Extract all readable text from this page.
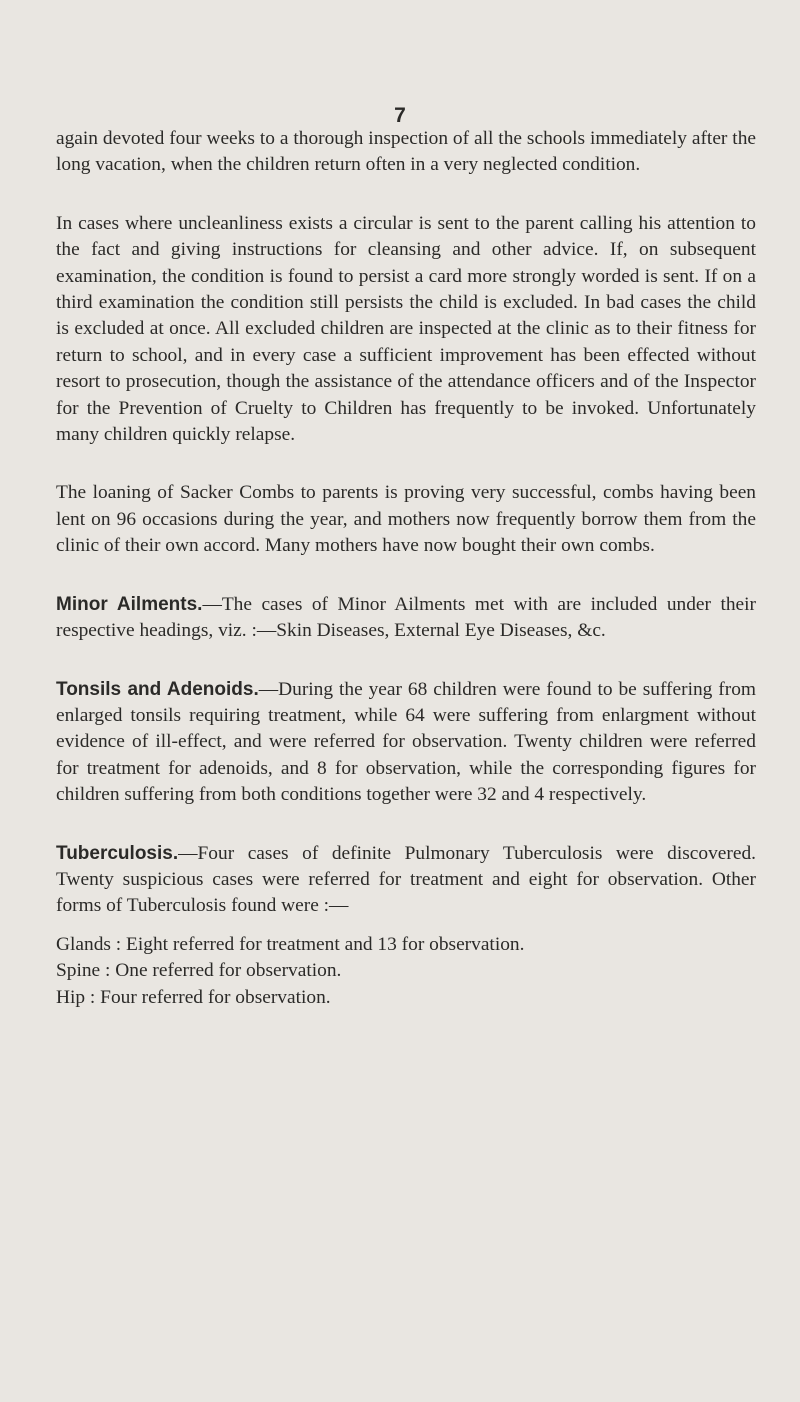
7

again devoted four weeks to a thorough inspection of all the schools immediately after the long vacation, when the children return often in a very neglected condition.

In cases where uncleanliness exists a circular is sent to the parent calling his attention to the fact and giving instructions for cleansing and other advice. If, on subsequent examination, the condition is found to persist a card more strongly worded is sent. If on a third examination the condition still persists the child is excluded. In bad cases the child is excluded at once. All excluded children are inspected at the clinic as to their fitness for return to school, and in every case a sufficient improvement has been effected without resort to prosecution, though the assistance of the attendance officers and of the Inspector for the Prevention of Cruelty to Children has frequently to be invoked. Unfortunately many children quickly relapse.

The loaning of Sacker Combs to parents is proving very successful, combs having been lent on 96 occasions during the year, and mothers now frequently borrow them from the clinic of their own accord. Many mothers have now bought their own combs.

Minor Ailments.—The cases of Minor Ailments met with are included under their respective headings, viz. :—Skin Diseases, External Eye Diseases, &c.

Tonsils and Adenoids.—During the year 68 children were found to be suffering from enlarged tonsils requiring treatment, while 64 were suffering from enlargment without evidence of ill-effect, and were referred for observation. Twenty children were referred for treatment for adenoids, and 8 for observation, while the corresponding figures for children suffering from both conditions together were 32 and 4 respectively.

Tuberculosis.—Four cases of definite Pulmonary Tuberculosis were discovered. Twenty suspicious cases were referred for treatment and eight for observation. Other forms of Tuberculosis found were :—

Glands : Eight referred for treatment and 13 for observation.

Spine : One referred for observation.

Hip : Four referred for observation.
